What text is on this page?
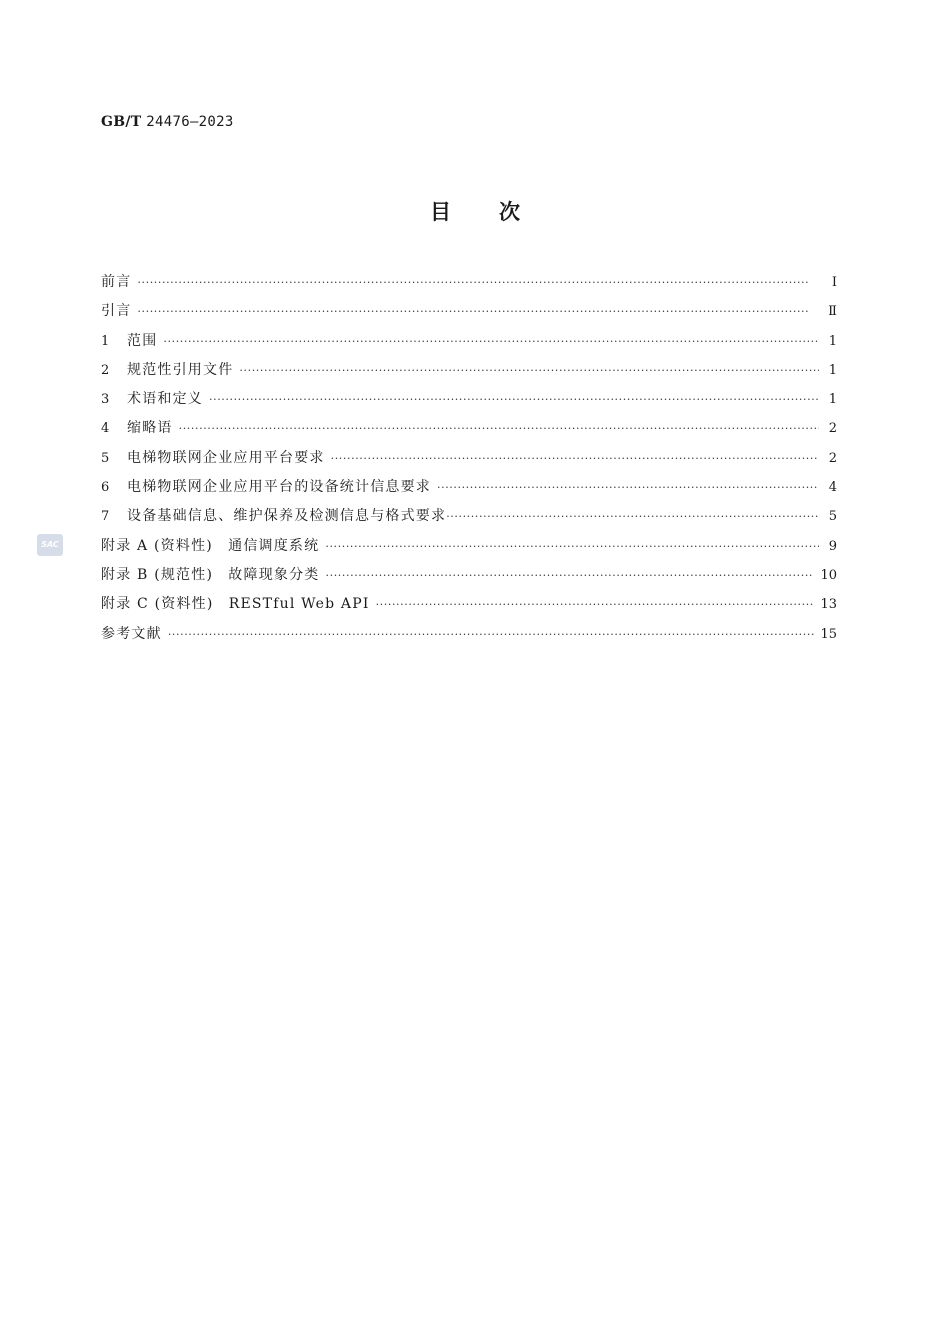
GB/T 24476—2023
目次
前言 ·····	Ⅰ
引言 ·····	Ⅱ
1	范围 ·····	1
2	规范性引用文件 ·····	1
3	术语和定义 ·····	1
4	缩略语 ·····	2
5	电梯物联网企业应用平台要求 ·····	2
6	电梯物联网企业应用平台的设备统计信息要求 ·····	4
7	设备基础信息、维护保养及检测信息与格式要求 ·····	5
附录 A (资料性)　通信调度系统 ·····	9
附录 B (规范性)　故障现象分类 ·····	10
附录 C (资料性)　RESTful Web API ·····	13
参考文献 ·····	15
SAC
